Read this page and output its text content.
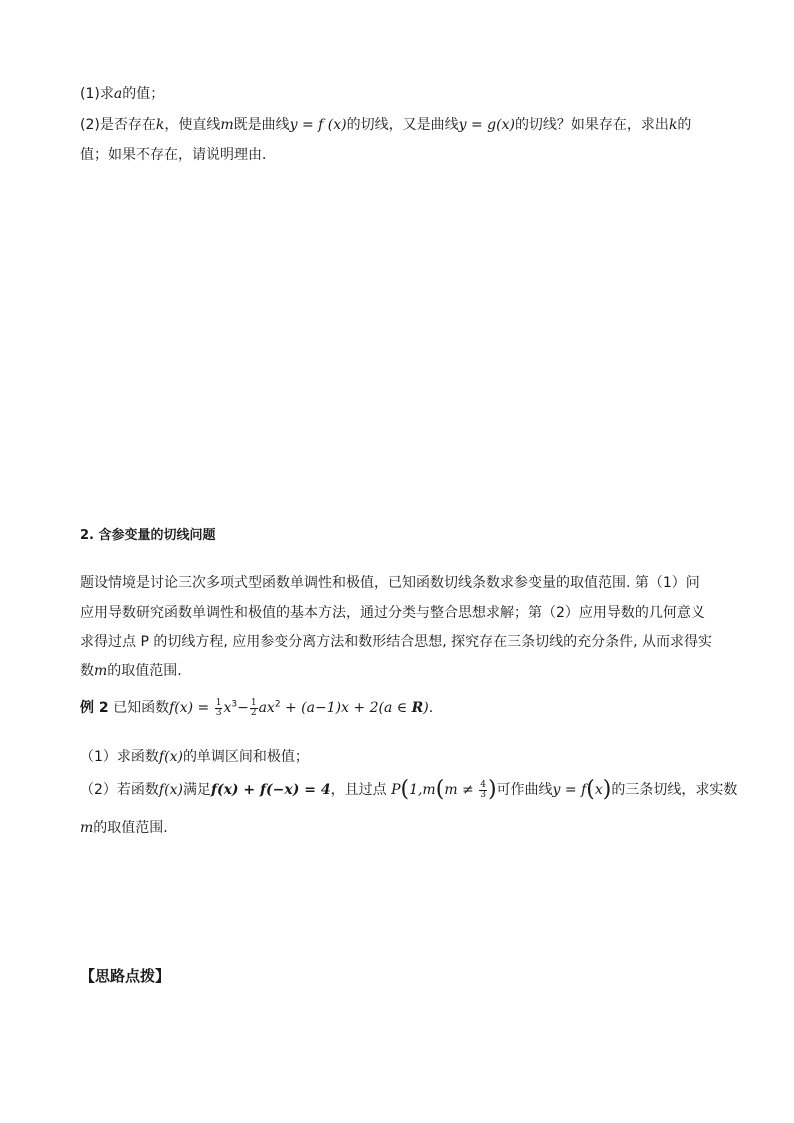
(1)求a的值；
(2)是否存在k，使直线m既是曲线y = f (x)的切线，又是曲线y = g(x)的切线？如果存在，求出k的
值；如果不存在，请说明理由．
2. 含参变量的切线问题
题设情境是讨论三次多项式型函数单调性和极值，已知函数切线条数求参变量的取值范围. 第（1）问
应用导数研究函数单调性和极值的基本方法，通过分类与整合思想求解；第（2）应用导数的几何意义
求得过点 P 的切线方程, 应用参变分离方法和数形结合思想, 探究存在三条切线的充分条件, 从而求得实
数m的取值范围.
例 2 已知函数$f(x) = \frac{1}{3} x^3- \frac{1}{2} ax^2 + (a-1)x + 2(a$ ∈ R).
（1）求函数f(x)的单调区间和极值；
（2）若函数f(x)满足f(x) + f(−x) = 4，且过点 $P(1,m(m \ne \frac{4}{3}$ )可作曲线y = f(x)的三条切线，求实数
m的取值范围.
【思路点拨】
